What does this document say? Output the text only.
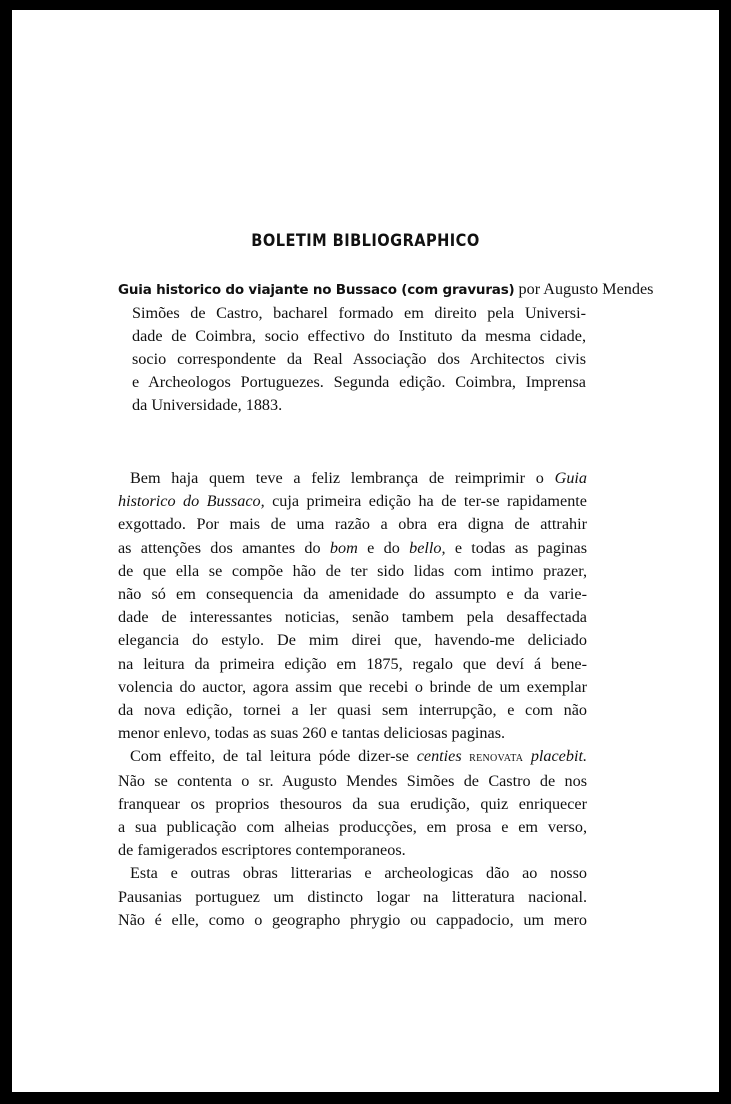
BOLETIM BIBLIOGRAPHICO
Guia historico do viajante no Bussaco (com gravuras) por Augusto Mendes
Simões de Castro, bacharel formado em direito pela Universi-
dade de Coimbra, socio effectivo do Instituto da mesma cidade,
socio correspondente da Real Associação dos Architectos civis
e Archeologos Portuguezes. Segunda edição. Coimbra, Imprensa
da Universidade, 1883.
Bem haja quem teve a feliz lembrança de reimprimir o Guia
historico do Bussaco, cuja primeira edição ha de ter-se rapidamente
exgottado. Por mais de uma razão a obra era digna de attrahir
as attenções dos amantes do bom e do bello, e todas as paginas
de que ella se compõe hão de ter sido lidas com intimo prazer,
não só em consequencia da amenidade do assumpto e da varie-
dade de interessantes noticias, senão tambem pela desaffectada
elegancia do estylo. De mim direi que, havendo-me deliciado
na leitura da primeira edição em 1875, regalo que deví á bene-
volencia do auctor, agora assim que recebi o brinde de um exemplar
da nova edição, tornei a ler quasi sem interrupção, e com não
menor enlevo, todas as suas 260 e tantas deliciosas paginas.
Com effeito, de tal leitura póde dizer-se centies renovata placebit.
Não se contenta o sr. Augusto Mendes Simões de Castro de nos
franquear os proprios thesouros da sua erudição, quiz enriquecer
a sua publicação com alheias producções, em prosa e em verso,
de famigerados escriptores contemporaneos.
Esta e outras obras litterarias e archeologicas dão ao nosso
Pausanias portuguez um distincto logar na litteratura nacional.
Não é elle, como o geographo phrygio ou cappadocio, um mero
